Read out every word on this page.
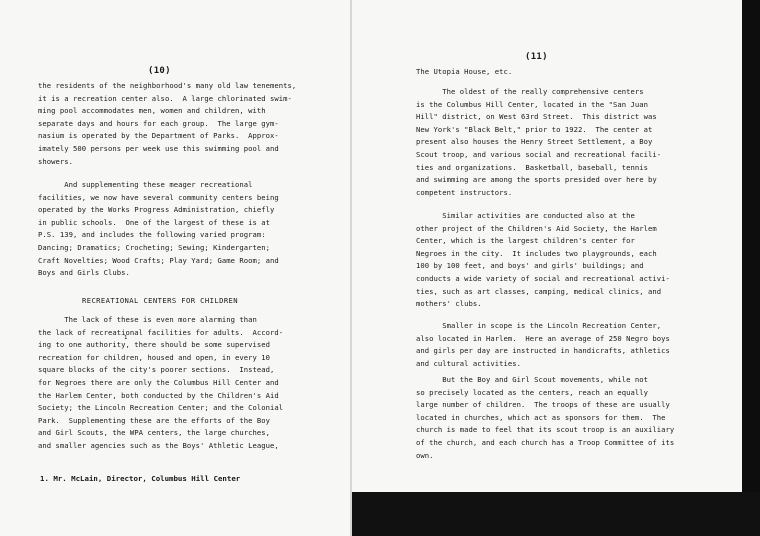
(10)
the residents of the neighborhood's many old law tenements,
it is a recreation center also.  A large chlorinated swim-
ming pool accommodates men, women and children, with
separate days and hours for each group.  The large gym-
nasium is operated by the Department of Parks.  Approx-
imately 500 persons per week use this swimming pool and
showers.
And supplementing these meager recreational
facilities, we now have several community centers being
operated by the Works Progress Administration, chiefly
in public schools.  One of the largest of these is at
P.S. 139, and includes the following varied program:
Dancing; Dramatics; Crocheting; Sewing; Kindergarten;
Craft Novelties; Wood Crafts; Play Yard; Game Room; and
Boys and Girls Clubs.
RECREATIONAL CENTERS FOR CHILDREN
The lack of these is even more alarming than
the lack of recreational facilities for adults.  Accord-
ing to one authority, there should be some supervised
recreation for children, housed and open, in every 10
square blocks of the city's poorer sections.  Instead,
for Negroes there are only the Columbus Hill Center and
the Harlem Center, both conducted by the Children's Aid
Society; the Lincoln Recreation Center; and the Colonial
Park.  Supplementing these are the efforts of the Boy
and Girl Scouts, the WPA centers, the large churches,
and smaller agencies such as the Boys' Athletic League,
1
1. Mr. McLain, Director, Columbus Hill Center
(11)
The Utopia House, etc.
The oldest of the really comprehensive centers
is the Columbus Hill Center, located in the "San Juan
Hill" district, on West 63rd Street.  This district was
New York's "Black Belt," prior to 1922.  The center at
present also houses the Henry Street Settlement, a Boy
Scout troop, and various social and recreational facili-
ties and organizations.  Basketball, baseball, tennis
and swimming are among the sports presided over here by
competent instructors.
Similar activities are conducted also at the
other project of the Children's Aid Society, the Harlem
Center, which is the largest children's center for
Negroes in the city.  It includes two playgrounds, each
100 by 100 feet, and boys' and girls' buildings; and
conducts a wide variety of social and recreational activi-
ties, such as art classes, camping, medical clinics, and
mothers' clubs.
Smaller in scope is the Lincoln Recreation Center,
also located in Harlem.  Here an average of 250 Negro boys
and girls per day are instructed in handicrafts, athletics
and cultural activities.
But the Boy and Girl Scout movements, while not
so precisely located as the centers, reach an equally
large number of children.  The troops of these are usually
located in churches, which act as sponsors for them.  The
church is made to feel that its scout troop is an auxiliary
of the church, and each church has a Troop Committee of its
own.
